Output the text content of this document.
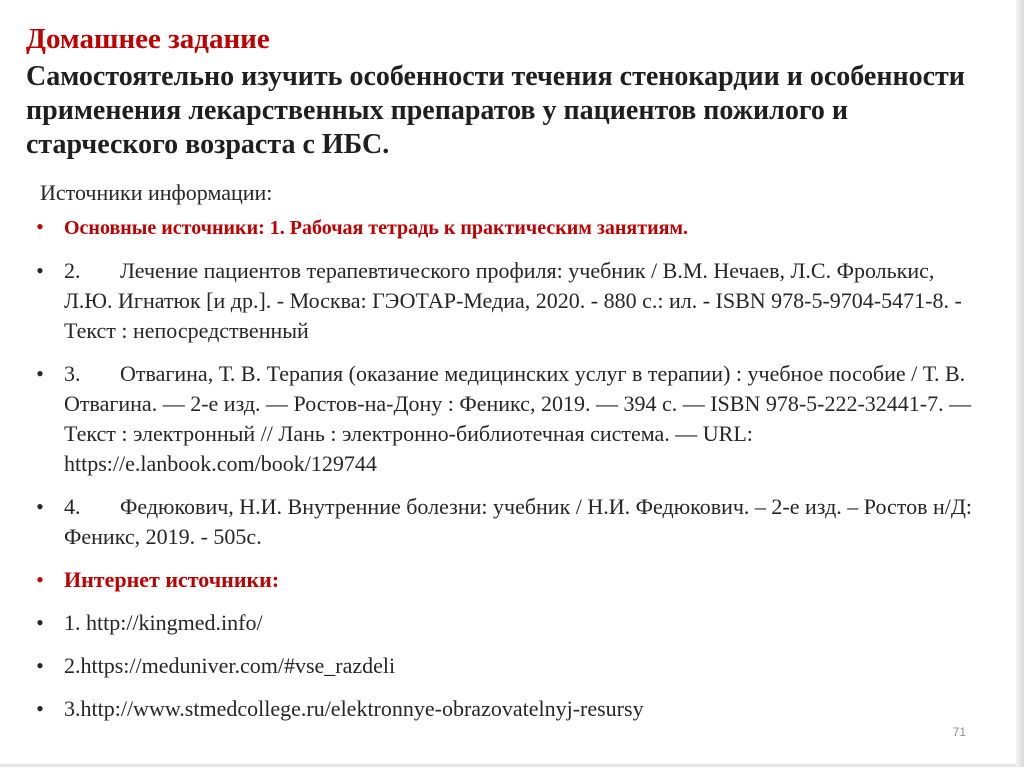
Домашнее задание

Самостоятельно изучить особенности течения стенокардии и особенности применения лекарственных препаратов у пациентов пожилого и старческого возраста с ИБС.

Источники информации:
•	Основные источники: 1. Рабочая тетрадь к практическим занятиям.
• 2. Лечение пациентов терапевтического профиля: учебник / В.М. Нечаев, Л.С. Фролькис, Л.Ю. Игнатюк [и др.]. - Москва: ГЭОТАР-Медиа, 2020. - 880 с.: ил. - ISBN 978-5-9704-5471-8. - Текст : непосредственный
• 3. Отвагина, Т. В. Терапия (оказание медицинских услуг в терапии) : учебное пособие / Т. В. Отвагина. — 2-е изд. — Ростов-на-Дону : Феникс, 2019. — 394 с. — ISBN 978-5-222-32441-7. — Текст : электронный // Лань : электронно-библиотечная система. — URL: https://e.lanbook.com/book/129744
• 4. Федюкович, Н.И. Внутренние болезни: учебник / Н.И. Федюкович. – 2-е изд. – Ростов н/Д: Феникс, 2019. - 505с.
• Интернет источники:
• 1. http://kingmed.info/
• 2.https://meduniver.com/#vse_razdeli
• 3.http://www.stmedcollege.ru/elektronnye-obrazovatelnyj-resursy
71
